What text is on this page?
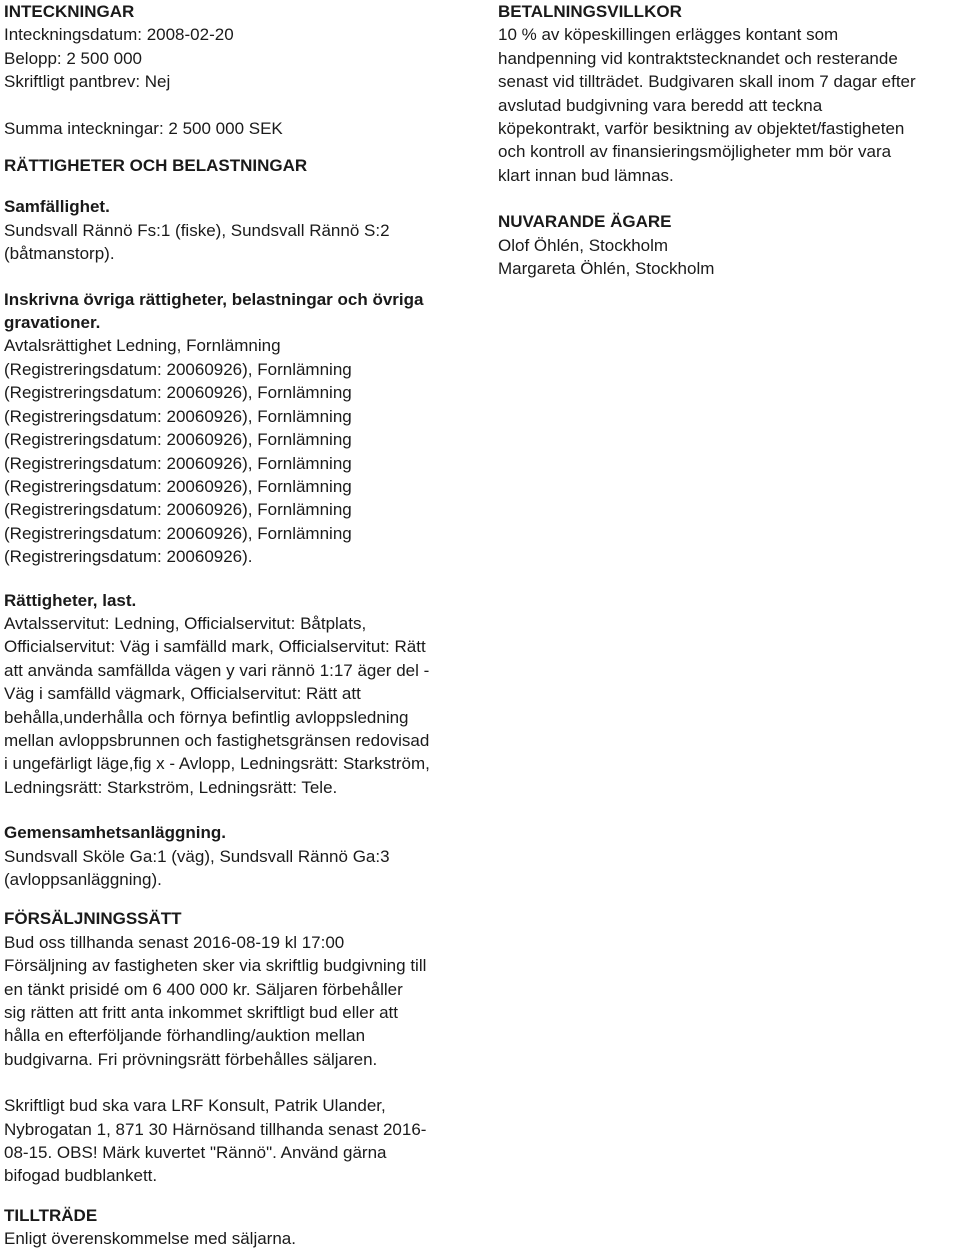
INTECKNINGAR

Inteckningsdatum: 2008-02-20

Belopp: 2 500 000

Skriftligt pantbrev: Nej

Summa inteckningar: 2 500 000 SEK

RÄTTIGHETER OCH BELASTNINGAR

Samfällighet.

Sundsvall Rännö Fs:1 (fiske), Sundsvall Rännö S:2
(båtmanstorp).

Inskrivna övriga rättigheter, belastningar och övriga
gravationer.

Avtalsrättighet Ledning, Fornlämning
(Registreringsdatum: 20060926), Fornlämning
(Registreringsdatum: 20060926), Fornlämning
(Registreringsdatum: 20060926), Fornlämning
(Registreringsdatum: 20060926), Fornlämning
(Registreringsdatum: 20060926), Fornlämning
(Registreringsdatum: 20060926), Fornlämning
(Registreringsdatum: 20060926), Fornlämning
(Registreringsdatum: 20060926), Fornlämning
(Registreringsdatum: 20060926).

Rättigheter, last.

Avtalsservitut: Ledning, Officialservitut: Båtplats,
Officialservitut: Väg i samfälld mark, Officialservitut: Rätt
att använda samfällda vägen y vari rännö 1:17 äger del -
Väg i samfälld vägmark, Officialservitut: Rätt att
behålla,underhålla och förnya befintlig avloppsledning
mellan avloppsbrunnen och fastighetsgränsen redovisad
i ungefärligt läge,fig x - Avlopp, Ledningsrätt: Starkström,
Ledningsrätt: Starkström, Ledningsrätt: Tele.

Gemensamhetsanläggning.

Sundsvall Sköle Ga:1 (väg), Sundsvall Rännö Ga:3
(avloppsanläggning).

FÖRSÄLJNINGSSÄTT

Bud oss tillhanda senast 2016-08-19 kl 17:00
Försäljning av fastigheten sker via skriftlig budgivning till
en tänkt prisidé om 6 400 000 kr. Säljaren förbehåller
sig rätten att fritt anta inkommet skriftligt bud eller att
hålla en efterföljande förhandling/auktion mellan
budgivarna. Fri prövningsrätt förbehålles säljaren.

Skriftligt bud ska vara LRF Konsult, Patrik Ulander,
Nybrogatan 1, 871 30 Härnösand tillhanda senast 2016-
08-15. OBS! Märk kuvertet "Rännö". Använd gärna
bifogad budblankett.

TILLTRÄDE

Enligt överenskommelse med säljarna.

BETALNINGSVILLKOR

10 % av köpeskillingen erlägges kontant som
handpenning vid kontraktstecknandet och resterande
senast vid tillträdet. Budgivaren skall inom 7 dagar efter
avslutad budgivning vara beredd att teckna
köpekontrakt, varför besiktning av objektet/fastigheten
och kontroll av finansieringsmöjligheter mm bör vara
klart innan bud lämnas.

NUVARANDE ÄGARE

Olof Öhlén, Stockholm

Margareta Öhlén, Stockholm
